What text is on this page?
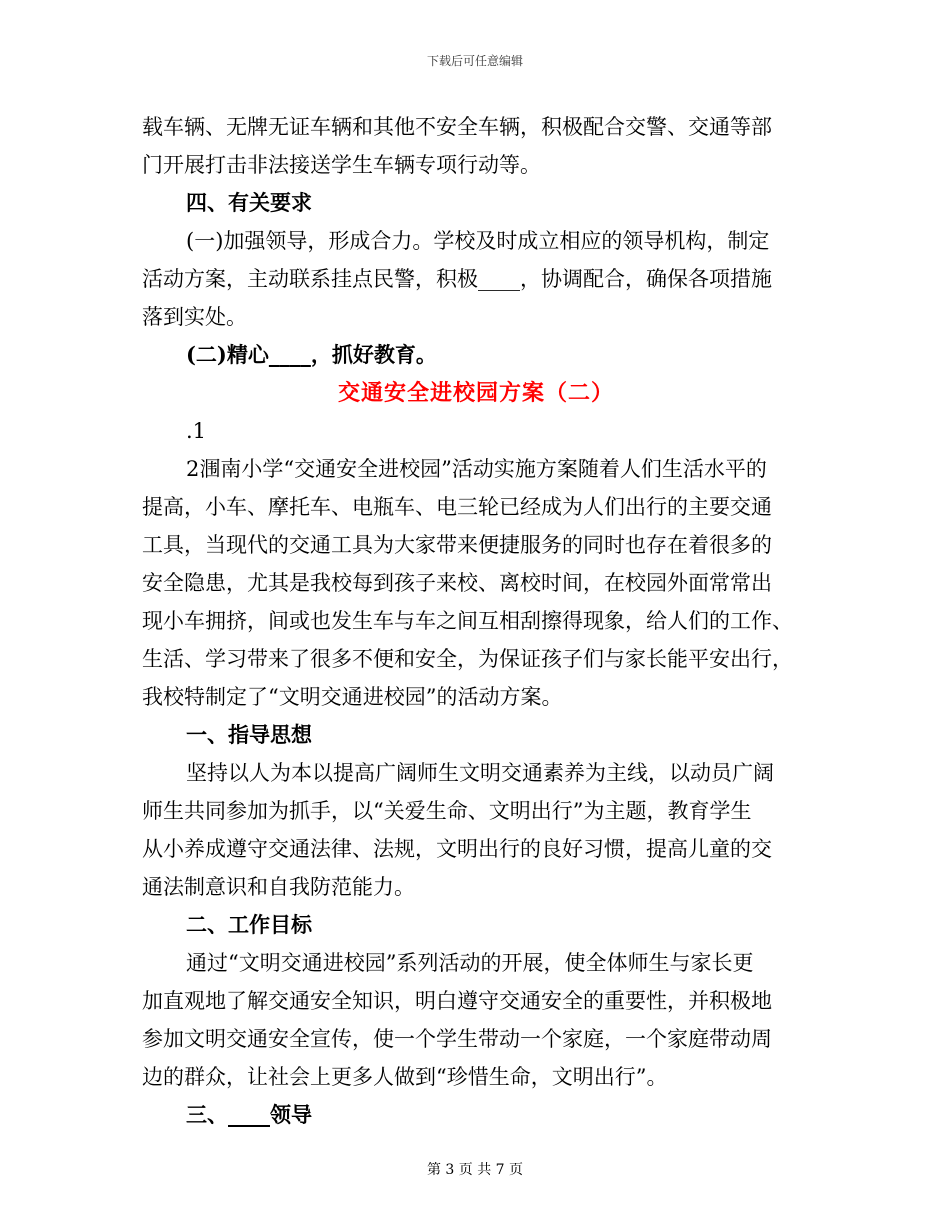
下载后可任意编辑
载车辆、无牌无证车辆和其他不安全车辆，积极配合交警、交通等部
门开展打击非法接送学生车辆专项行动等。
四、有关要求
(一)加强领导，形成合力。学校及时成立相应的领导机构，制定
活动方案，主动联系挂点民警，积极____，协调配合，确保各项措施
落到实处。
(二)精心____，抓好教育。
交通安全进校园方案（二）
.1
2涠南小学“交通安全进校园”活动实施方案随着人们生活水平的
提高，小车、摩托车、电瓶车、电三轮已经成为人们出行的主要交通
工具，当现代的交通工具为大家带来便捷服务的同时也存在着很多的
安全隐患，尤其是我校每到孩子来校、离校时间，在校园外面常常出
现小车拥挤，间或也发生车与车之间互相刮擦得现象，给人们的工作、
生活、学习带来了很多不便和安全，为保证孩子们与家长能平安出行，
我校特制定了“文明交通进校园”的活动方案。
一、指导思想
坚持以人为本以提高广阔师生文明交通素养为主线，以动员广阔
师生共同参加为抓手，以“关爱生命、文明出行”为主题，教育学生
从小养成遵守交通法律、法规，文明出行的良好习惯，提高儿童的交
通法制意识和自我防范能力。
二、工作目标
通过“文明交通进校园”系列活动的开展，使全体师生与家长更
加直观地了解交通安全知识，明白遵守交通安全的重要性，并积极地
参加文明交通安全宣传，使一个学生带动一个家庭，一个家庭带动周
边的群众，让社会上更多人做到“珍惜生命，文明出行”。
三、____领导
第 3 页 共 7 页
